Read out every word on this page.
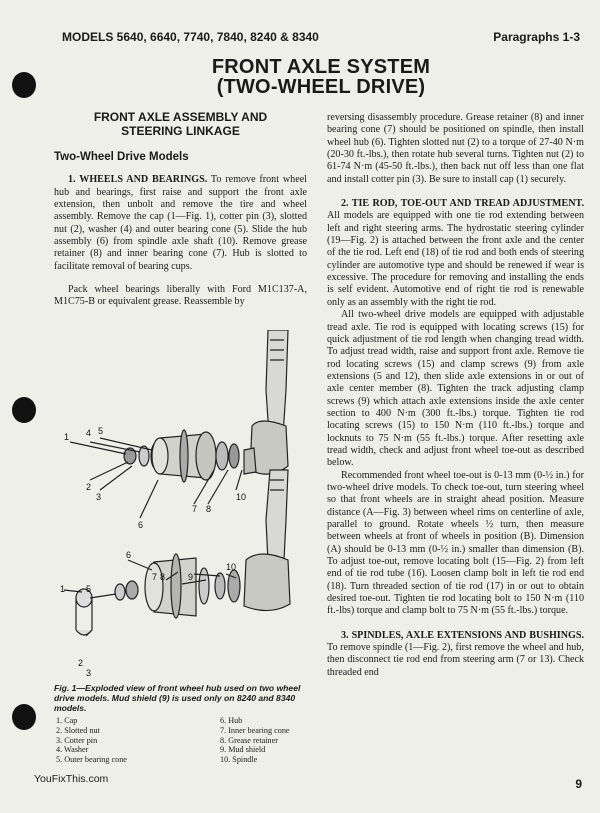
MODELS 5640, 6640, 7740, 7840, 8240 & 8340	Paragraphs 1-3
FRONT AXLE SYSTEM
(TWO-WHEEL DRIVE)

FRONT AXLE ASSEMBLY AND
STEERING LINKAGE

Two-Wheel Drive Models

1. WHEELS AND BEARINGS. To remove front wheel hub and bearings, first raise and support the front axle extension, then unbolt and remove the tire and wheel assembly. Remove the cap (1—Fig. 1), cotter pin (3), slotted nut (2), washer (4) and outer bearing cone (5). Slide the hub assembly (6) from spindle axle shaft (10). Remove grease retainer (8) and inner bearing cone (7). Hub is slotted to facilitate removal of bearing cups.

Pack wheel bearings liberally with Ford M1C137-A, M1C75-B or equivalent grease. Reassemble by

1 4 5
2
3
8
7
6
10
1 5
7 8	9
10
6
2
3
Fig. 1—Exploded view of front wheel hub used on two wheel drive models. Mud shield (9) is used only on 8240 and 8340 models.
1. Cap
2. Slotted nut
3. Cotter pin
4. Washer
5. Outer bearing cone
6. Hub
7. Inner bearing cone
8. Grease retainer
9. Mud shield
10. Spindle

reversing disassembly procedure. Grease retainer (8) and inner bearing cone (7) should be positioned on spindle, then install wheel hub (6). Tighten slotted nut (2) to a torque of 27-40 N·m (20-30 ft.-lbs.), then rotate hub several turns. Tighten nut (2) to 61-74 N·m (45-50 ft.-lbs.), then back nut off less than one flat and install cotter pin (3). Be sure to install cap (1) securely.

2. TIE ROD, TOE-OUT AND TREAD ADJUSTMENT. All models are equipped with one tie rod extending between left and right steering arms. The hydrostatic steering cylinder (19—Fig. 2) is attached between the front axle and the center of the tie rod. Left end (18) of tie rod and both ends of steering cylinder are automotive type and should be renewed if wear is excessive. The procedure for removing and installing the ends is self evident. Automotive end of right tie rod is renewable only as an assembly with the right tie rod.

All two-wheel drive models are equipped with adjustable tread axle. Tie rod is equipped with locating screws (15) for quick adjustment of tie rod length when changing tread width. To adjust tread width, raise and support front axle. Remove tie rod locating screws (15) and clamp screws (9) from axle extensions (5 and 12), then slide axle extensions in or out of axle center member (8). Tighten the track adjusting clamp screws (9) which attach axle extensions inside the axle center section to 400 N·m (300 ft.-lbs.) torque. Tighten tie rod locating screws (15) to 150 N·m (110 ft.-lbs.) torque and locknuts to 75 N·m (55 ft.-lbs.) torque. After resetting axle tread width, check and adjust front wheel toe-out as described below.

Recommended front wheel toe-out is 0-13 mm (0-½ in.) for two-wheel drive models. To check toe-out, turn steering wheel so that front wheels are in straight ahead position. Measure distance (A—Fig. 3) between wheel rims on centerline of axle, parallel to ground. Rotate wheels ½ turn, then measure between wheels at front of wheels in position (B). Dimension (A) should be 0-13 mm (0-½ in.) smaller than dimension (B). To adjust toe-out, remove locating bolt (15—Fig. 2) from left end of tie rod tube (16). Loosen clamp bolt in left tie rod end (18). Turn threaded section of tie rod (17) in or out to obtain desired toe-out. Tighten tie rod locating bolt to 150 N·m (110 ft.-lbs) torque and clamp bolt to 75 N·m (55 ft.-lbs.) torque.

3. SPINDLES, AXLE EXTENSIONS AND BUSHINGS. To remove spindle (1—Fig. 2), first remove the wheel and hub, then disconnect tie rod end from steering arm (7 or 13). Check threaded end

YouFixThis.com	9
